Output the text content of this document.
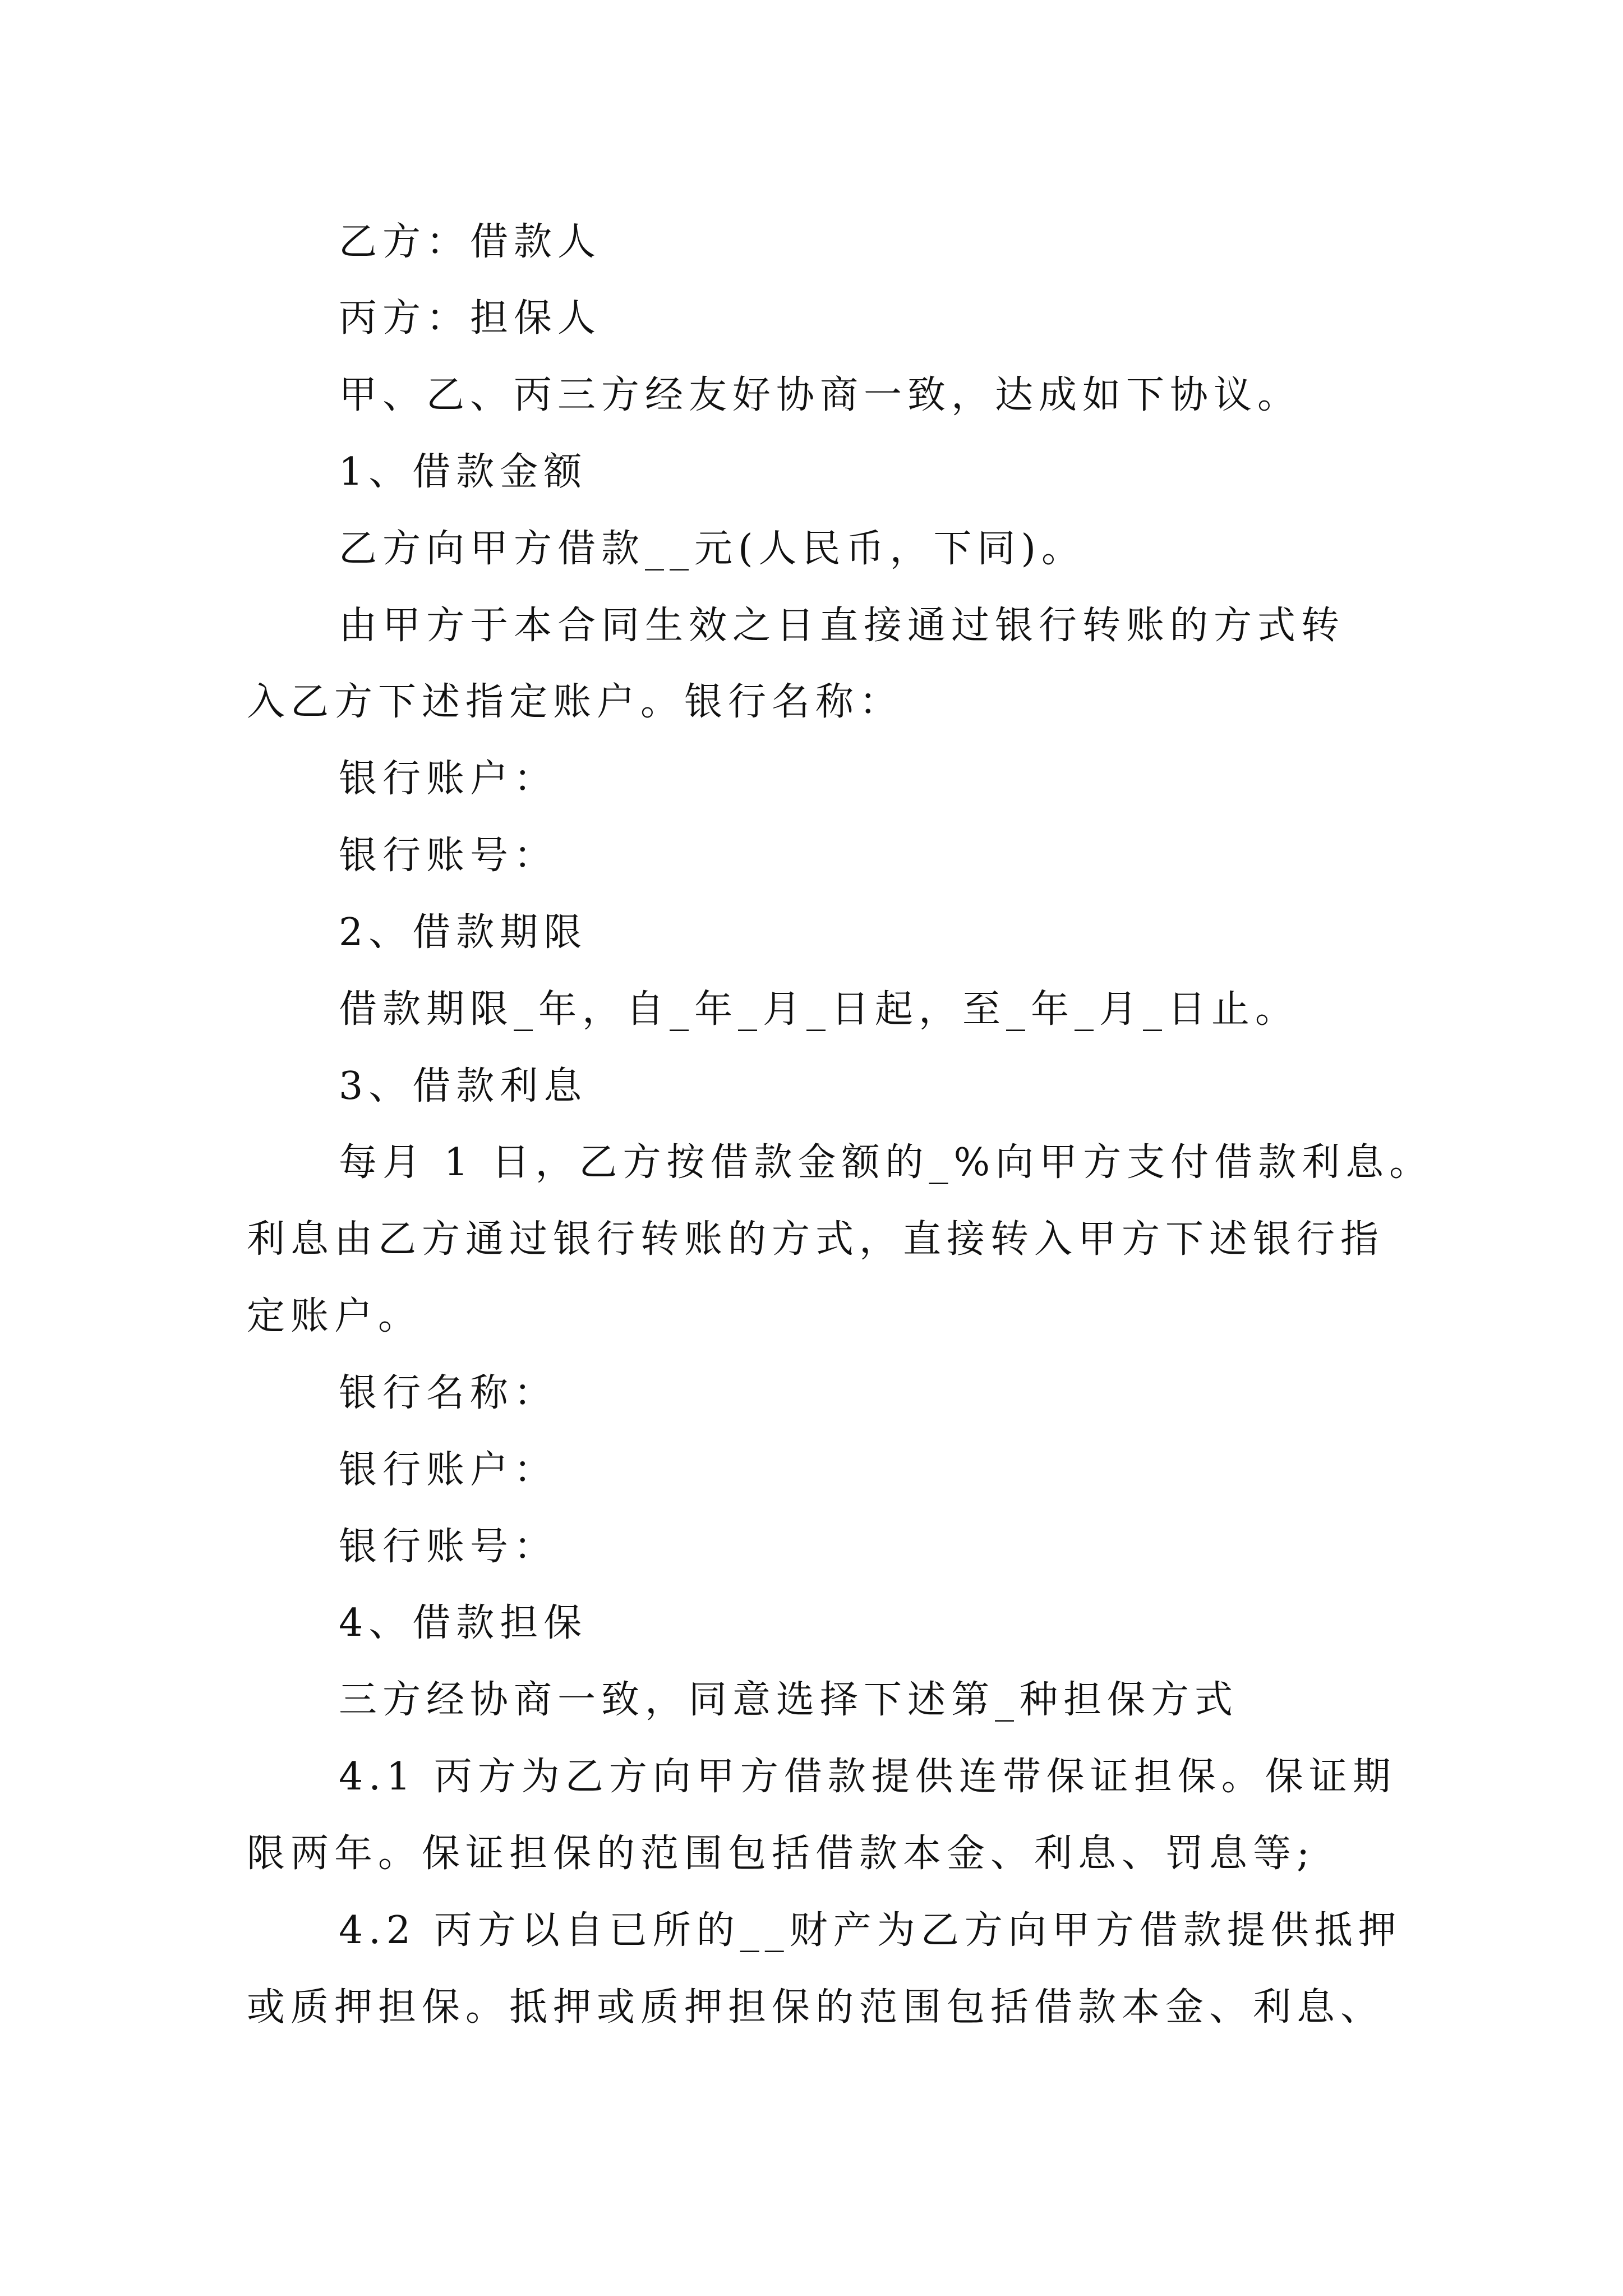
乙方：借款人

丙方：担保人

甲、乙、丙三方经友好协商一致，达成如下协议。

1、借款金额

乙方向甲方借款__元(人民币，下同)。

由甲方于本合同生效之日直接通过银行转账的方式转

入乙方下述指定账户。银行名称：

银行账户：

银行账号：

2、借款期限

借款期限_年，自_年_月_日起，至_年_月_日止。

3、借款利息

每月 1 日，乙方按借款金额的_%向甲方支付借款利息。

利息由乙方通过银行转账的方式，直接转入甲方下述银行指

定账户。

银行名称：

银行账户：

银行账号：

4、借款担保

三方经协商一致，同意选择下述第_种担保方式

4.1 丙方为乙方向甲方借款提供连带保证担保。保证期

限两年。保证担保的范围包括借款本金、利息、罚息等;

4.2 丙方以自已所的__财产为乙方向甲方借款提供抵押

或质押担保。抵押或质押担保的范围包括借款本金、利息、
